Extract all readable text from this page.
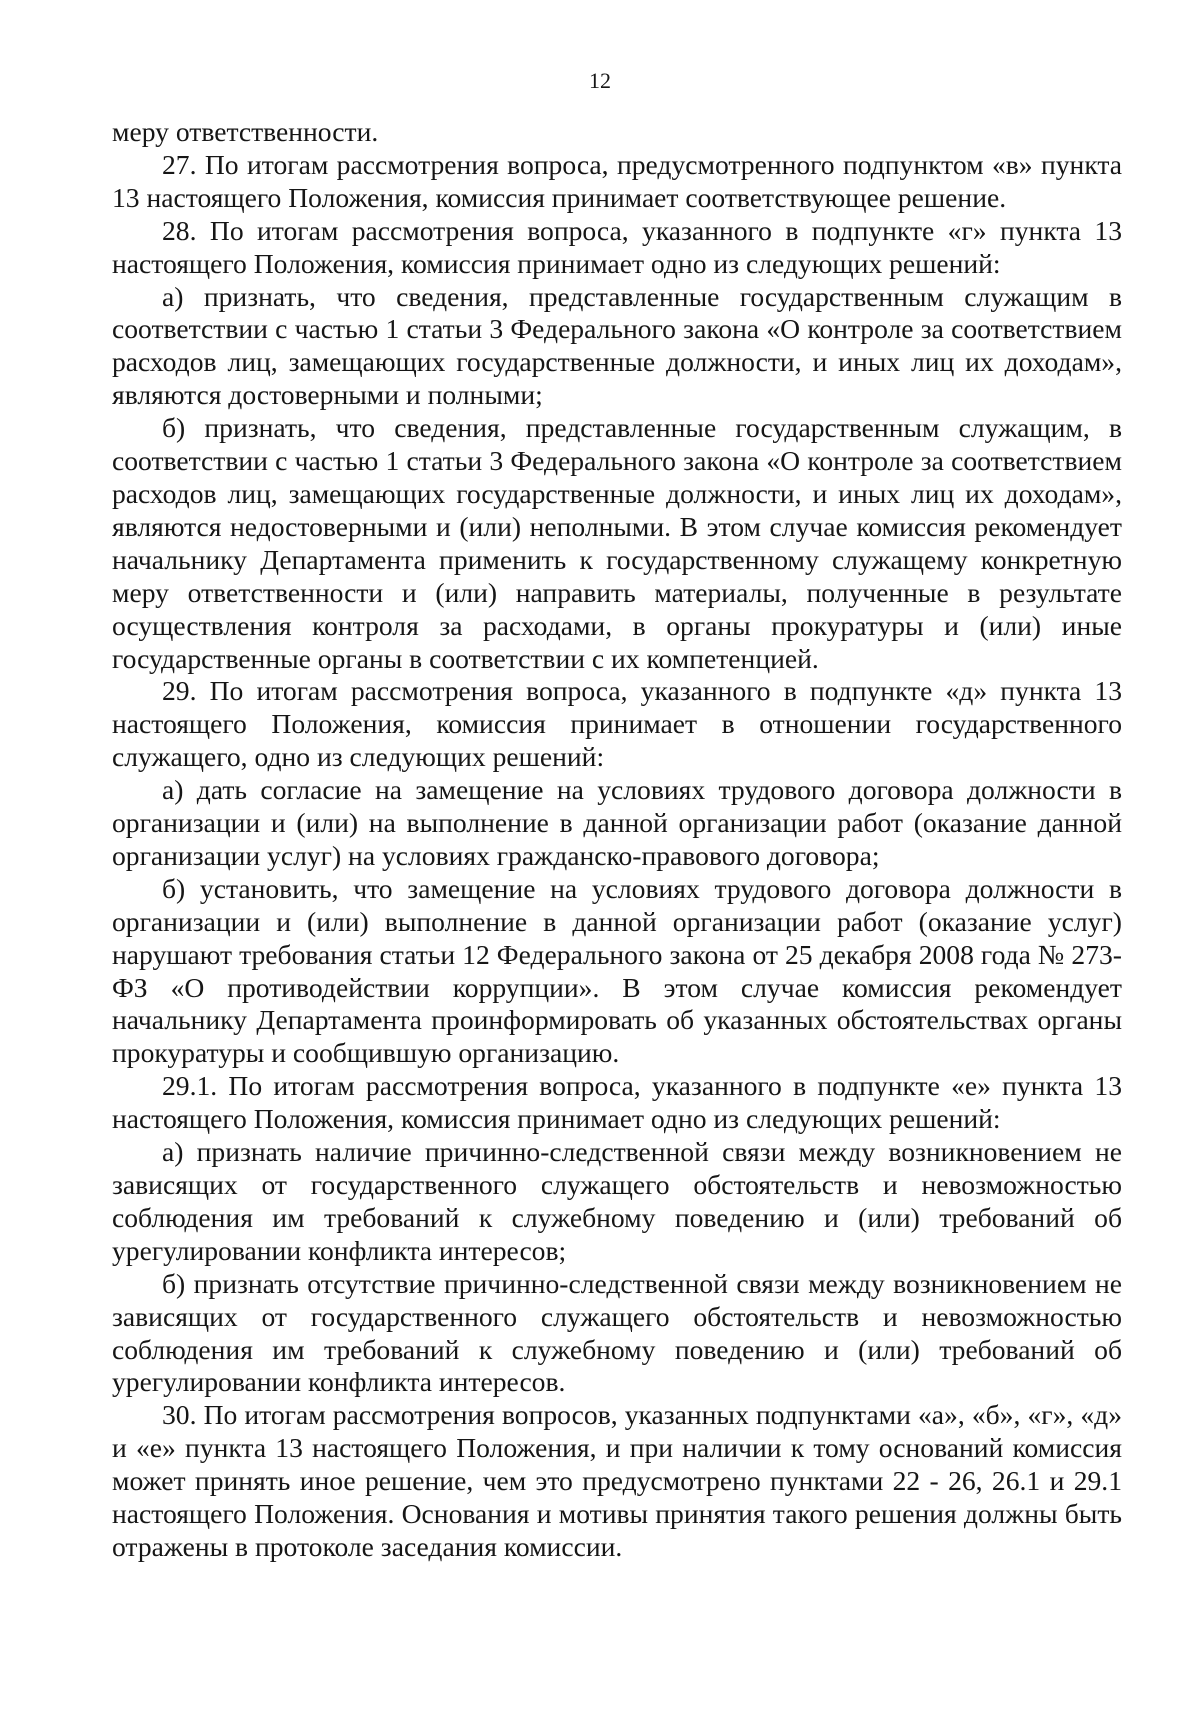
12

меру ответственности.

27. По итогам рассмотрения вопроса, предусмотренного подпунктом «в» пункта 13 настоящего Положения, комиссия принимает соответствующее решение.

28. По итогам рассмотрения вопроса, указанного в подпункте «г» пункта 13 настоящего Положения, комиссия принимает одно из следующих решений:

а) признать, что сведения, представленные государственным служащим в соответствии с частью 1 статьи 3 Федерального закона «О контроле за соответствием расходов лиц, замещающих государственные должности, и иных лиц их доходам», являются достоверными и полными;

б) признать, что сведения, представленные государственным служащим, в соответствии с частью 1 статьи 3 Федерального закона «О контроле за соответствием расходов лиц, замещающих государственные должности, и иных лиц их доходам», являются недостоверными и (или) неполными. В этом случае комиссия рекомендует начальнику Департамента применить к государственному служащему конкретную меру ответственности и (или) направить материалы, полученные в результате осуществления контроля за расходами, в органы прокуратуры и (или) иные государственные органы в соответствии с их компетенцией.

29. По итогам рассмотрения вопроса, указанного в подпункте «д» пункта 13 настоящего Положения, комиссия принимает в отношении государственного служащего, одно из следующих решений:

а) дать согласие на замещение на условиях трудового договора должности в организации и (или) на выполнение в данной организации работ (оказание данной организации услуг) на условиях гражданско-правового договора;

б) установить, что замещение на условиях трудового договора должности в организации и (или) выполнение в данной организации работ (оказание услуг) нарушают требования статьи 12 Федерального закона от 25 декабря 2008 года № 273-ФЗ «О противодействии коррупции». В этом случае комиссия рекомендует начальнику Департамента проинформировать об указанных обстоятельствах органы прокуратуры и сообщившую организацию.

29.1. По итогам рассмотрения вопроса, указанного в подпункте «е» пункта 13 настоящего Положения, комиссия принимает одно из следующих решений:

а) признать наличие причинно-следственной связи между возникновением не зависящих от государственного служащего обстоятельств и невозможностью соблюдения им требований к служебному поведению и (или) требований об урегулировании конфликта интересов;

б) признать отсутствие причинно-следственной связи между возникновением не зависящих от государственного служащего обстоятельств и невозможностью соблюдения им требований к служебному поведению и (или) требований об урегулировании конфликта интересов.

30. По итогам рассмотрения вопросов, указанных подпунктами «а», «б», «г», «д» и «е» пункта 13 настоящего Положения, и при наличии к тому оснований комиссия может принять иное решение, чем это предусмотрено пунктами 22 - 26, 26.1 и 29.1 настоящего Положения. Основания и мотивы принятия такого решения должны быть отражены в протоколе заседания комиссии.
